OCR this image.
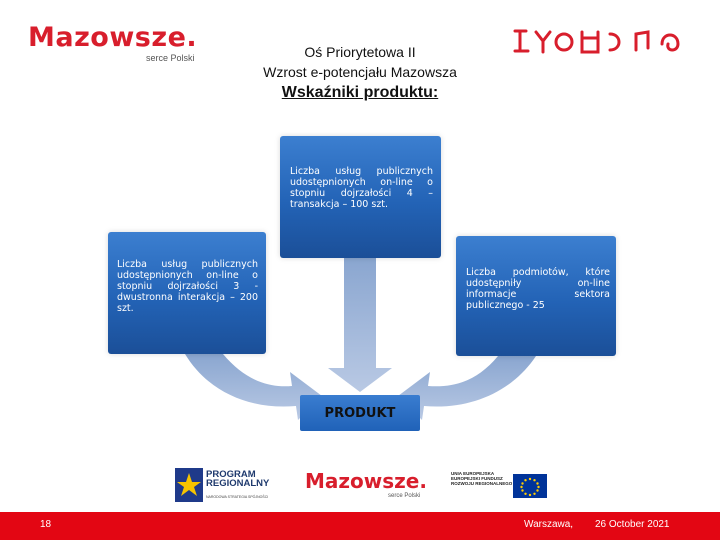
Mazowsze.
serce Polski	Oś Priorytetowa II
Wzrost e-potencjału Mazowsza
Wskaźniki produktu:
Liczba usług publicznych udostępnionych on-line o stopniu dojrzałości 4 – transakcja – 100 szt.
Liczba usług publicznych udostępnionych on-line o stopniu dojrzałości 3 - dwustronna interakcja – 200 szt.
Liczba podmiotów, które udostępniły on-line informacje sektora publicznego - 25
PRODUKT
PROGRAM
REGIONALNY
NARODOWA STRATEGIA SPÓJNOŚCI
Mazowsze.
serce Polski
UNIA EUROPEJSKA EUROPEJSKI FUNDUSZ ROZWOJU REGIONALNEGO
18	Warszawa, 26 October 2021
